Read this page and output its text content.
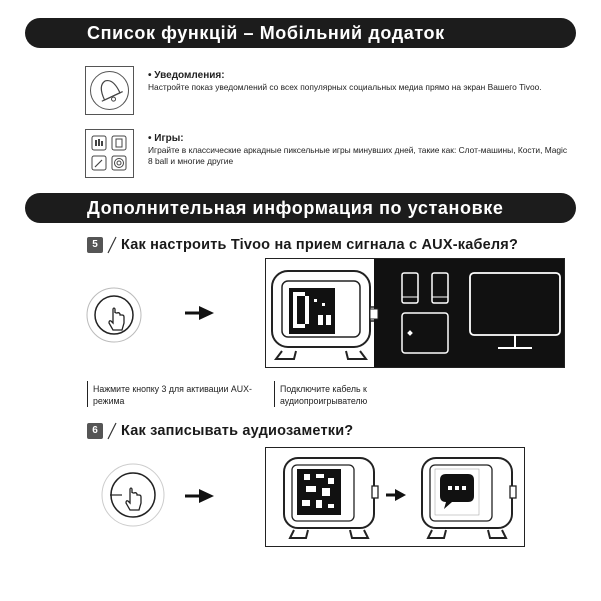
Список функцій – Мобільний додаток
• Уведомления:
Настройте показ уведомлений со всех популярных социальных медиа прямо на экран Вашего Tivoo.
• Игры:
Играйте в классические аркадные пиксельные игры минувших дней, такие как: Слот-машины, Кости, Magic 8 ball и многие другие
Дополнительная информация по установке
5	Как настроить Tivoo на прием сигнала с AUX-кабеля?
Нажмите кнопку 3 для активации AUX-режима
Подключите кабель к аудиопроигрывателю
6	Как записывать аудиозаметки?
